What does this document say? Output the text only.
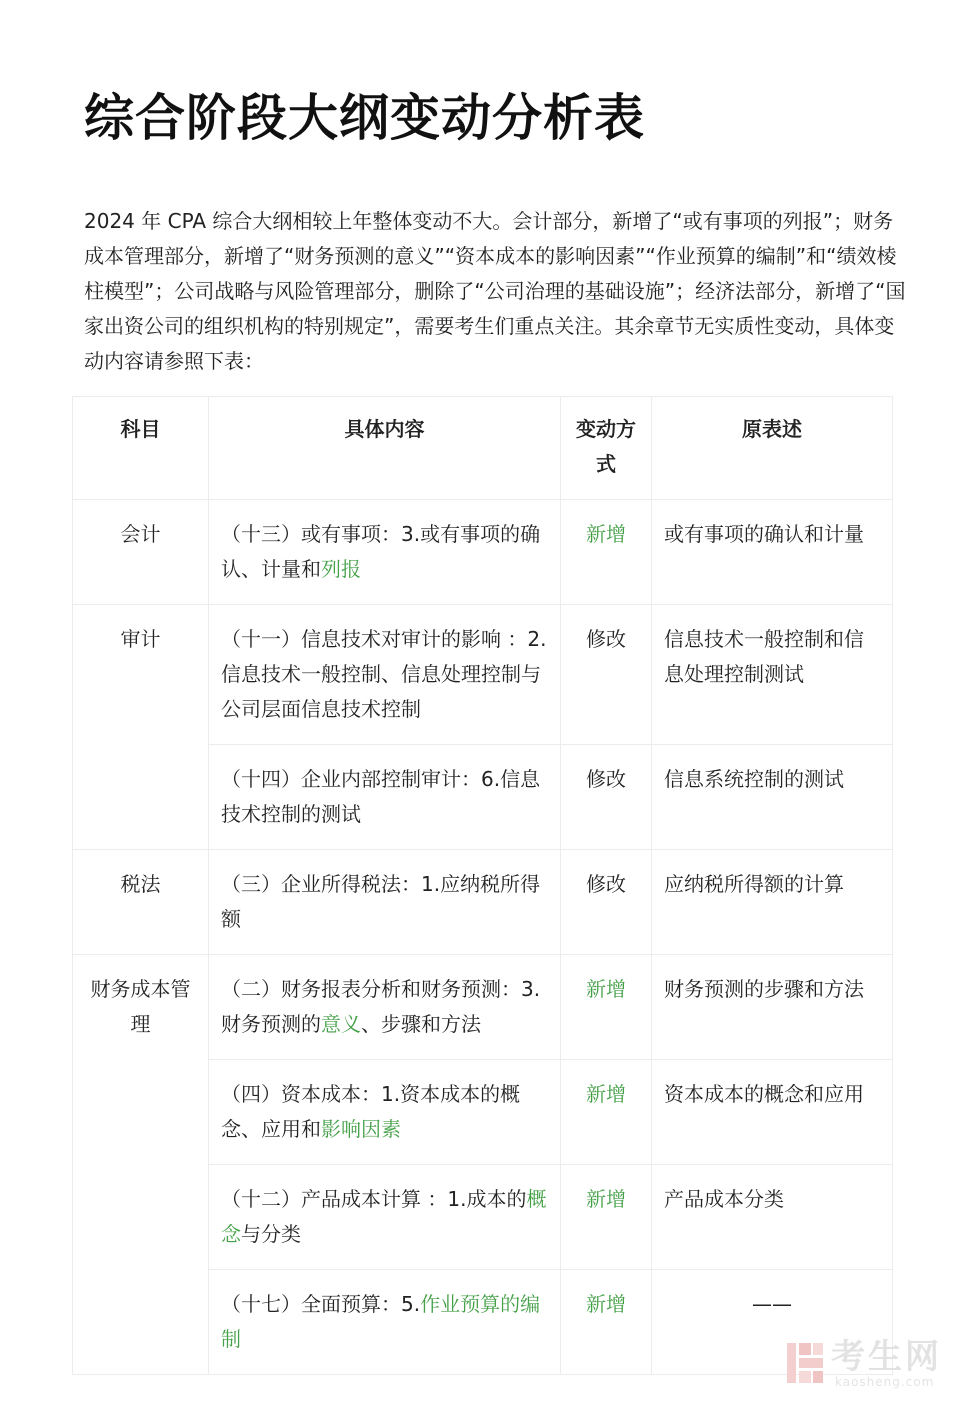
综合阶段大纲变动分析表

2024 年 CPA 综合大纲相较上年整体变动不大。会计部分，新增了“或有事项的列报”；财务成本管理部分，新增了“财务预测的意义”“资本成本的影响因素”“作业预算的编制”和“绩效棱柱模型”；公司战略与风险管理部分，删除了“公司治理的基础设施”；经济法部分，新增了“国家出资公司的组织机构的特别规定”，需要考生们重点关注。其余章节无实质性变动，具体变动内容请参照下表：

科目	具体内容	变动方式	原表述
会计	（十三）或有事项：3.或有事项的确认、计量和列报	新增	或有事项的确认和计量
审计	（十一）信息技术对审计的影响 ：2.信息技术一般控制、信息处理控制与公司层面信息技术控制	修改	信息技术一般控制和信息处理控制测试
	（十四）企业内部控制审计：6.信息技术控制的测试	修改	信息系统控制的测试
税法	（三）企业所得税法：1.应纳税所得额	修改	应纳税所得额的计算
财务成本管理	（二）财务报表分析和财务预测：3.财务预测的意义、步骤和方法	新增	财务预测的步骤和方法
	（四）资本成本：1.资本成本的概念、应用和影响因素	新增	资本成本的概念和应用
	（十二）产品成本计算 ：1.成本的概念与分类	新增	产品成本分类
	（十七）全面预算：5.作业预算的编制	新增	——
考生网
kaosheng.com
